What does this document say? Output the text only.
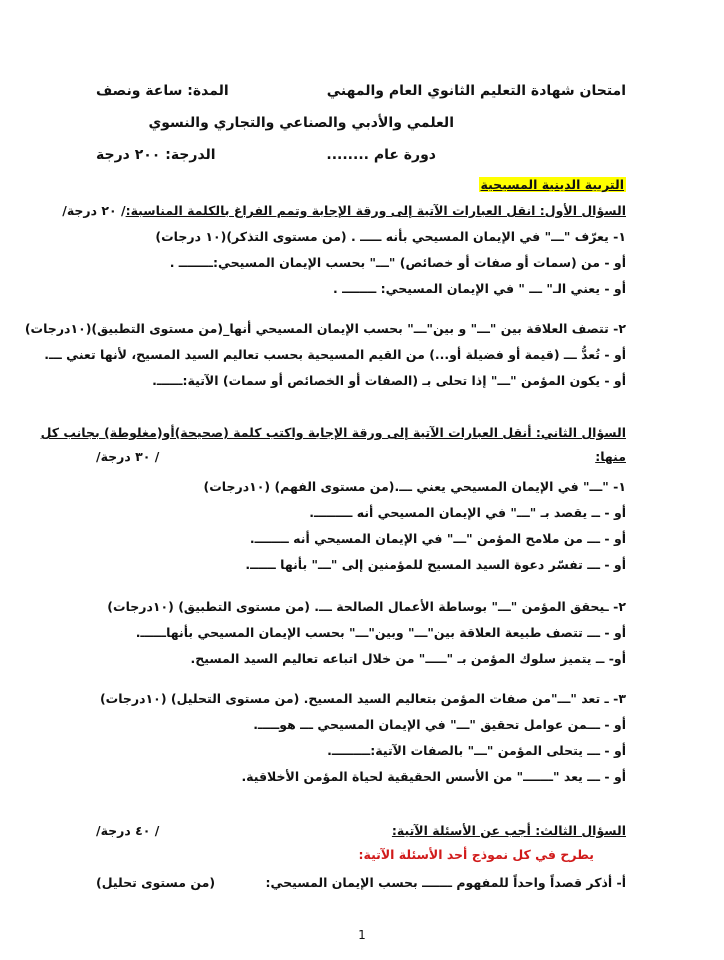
امتحان شهادة التعليم الثانوي العام والمهني
المدة: ساعة ونصف
العلمي والأدبي والصناعي والتجاري والنسوي
دورة عام ........
الدرجة: ٢٠٠ درجة
التربية الدينية المسيحية
السؤال الأول: انقل العبارات الآتية إلى ورقة الإجابة وتمم الفراغ بالكلمة المناسبة:
/ ٢٠ درجة/
١- يعرّف "ـــ" في الإيمان المسيحي بأنه ـــــ . (من مستوى التذكر)(١٠ درجات)
أو - من (سمات أو صفات أو خصائص) "ـــ" بحسب الإيمان المسيحي:ــــــــ .
أو - يعني الـ" ـــ " في الإيمان المسيحي: ــــــــ .
٢- تتصف العلاقة بين "ـــ" و بين"ـــ" بحسب الإيمان المسيحي أنها_(من مستوى التطبيق)(١٠درجات)
أو - تُعدُّ ـــ (قيمة أو فضيلة أو...) من القيم المسيحية بحسب تعاليم السيد المسيح، لأنها تعني ـــ.
أو - يكون المؤمن "ـــ" إذا تحلى بـ (الصفات أو الخصائص أو سمات) الآتية:ــــــ.
السؤال الثاني: أنقل العبارات الآتية إلى ورقة الإجابة واكتب كلمة (صحيحة)أو(مغلوطة) بجانب كل
منها:
/ ٣٠ درجة/
١- "ـــ" في الإيمان المسيحي يعني ـــ.(من مستوى الفهم) (١٠درجات)
أو - ــ يقصد بـ "ـــ" في الإيمان المسيحي أنه ـــــــــ.
أو - ـــ من ملامح المؤمن "ـــ" في الإيمان المسيحي أنه ــــــــ.
أو - ـــ تفسّر دعوة السيد المسيح للمؤمنين إلى "ـــ" بأنها ــــــ.
٢- ـيحقق المؤمن "ـــ" بوساطة الأعمال الصالحة ـــ. (من مستوى التطبيق) (١٠درجات)
أو - ـــ تتصف طبيعة العلاقة بين"ـــ" وبين"ـــ" بحسب الإيمان المسيحي بأنهاــــــ.
أو- ــ يتميز سلوك المؤمن بـ "ـــــ" من خلال اتباعه تعاليم السيد المسيح.
٣- ـ تعد "ـــ"من صفات المؤمن بتعاليم السيد المسيح. (من مستوى التحليل) (١٠درجات)
أو - ـــمن عوامل تحقيق "ـــ" في الإيمان المسيحي ـــ هوـــــ.
أو - ـــ يتحلى المؤمن "ـــ" بالصفات الآتية:ـــــــــ.
أو - ـــ يعد "ـــــــ" من الأسس الحقيقية لحياة المؤمن الأخلاقية.
السؤال الثالث: أجب عن الأسئلة الآتية:
/ ٤٠ درجة/
يطرح في كل نموذج أحد الأسئلة الآتية:
أ- أذكر قصداً واحداً للمفهوم ـــــــ بحسب الإيمان المسيحي:
(من مستوى تحليل)
1
